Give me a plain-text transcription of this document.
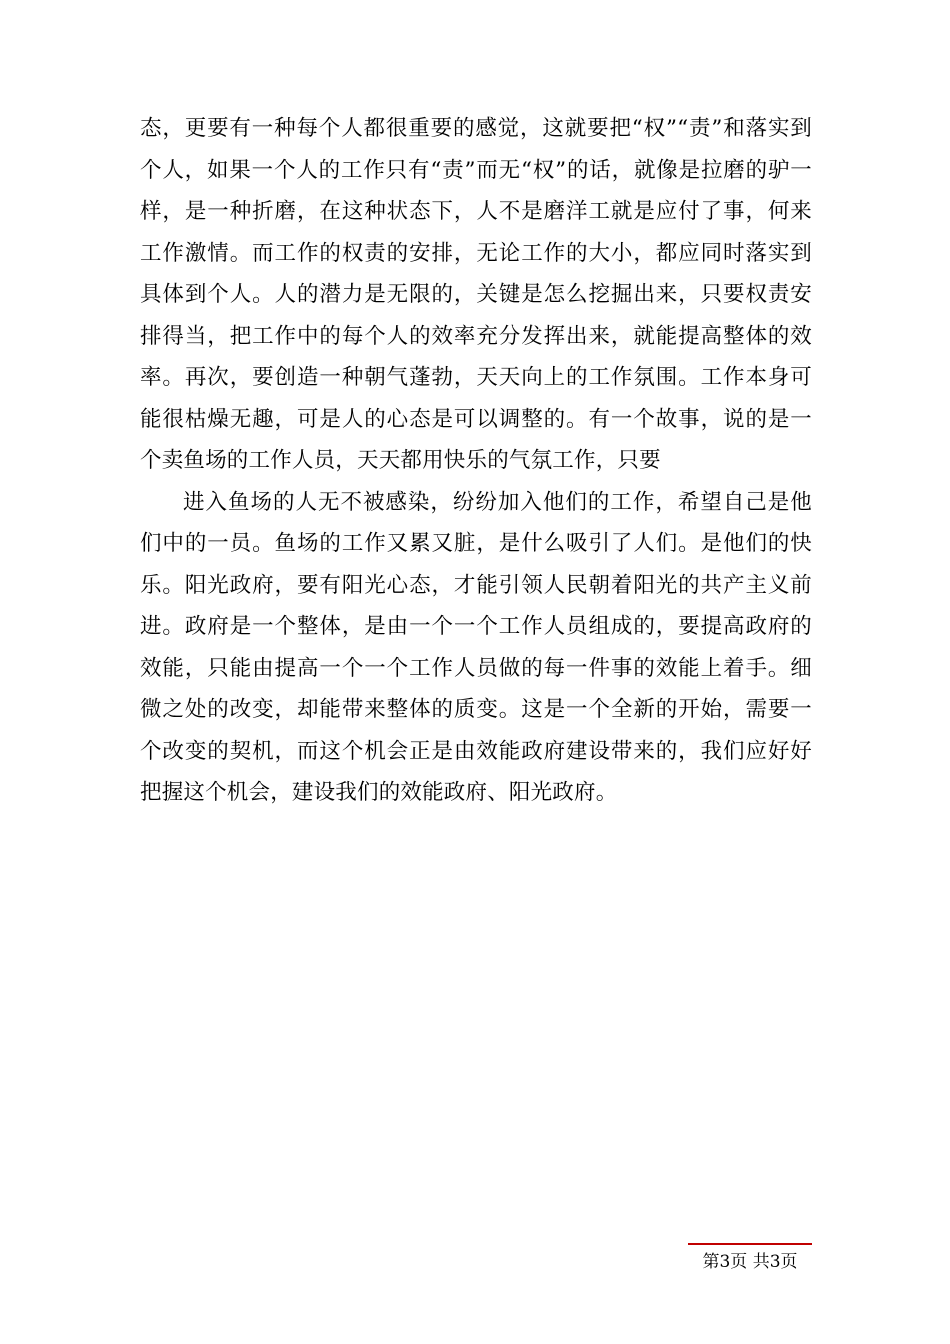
态，更要有一种每个人都很重要的感觉，这就要把“权”“责”和落实到个人，如果一个人的工作只有“责”而无“权”的话，就像是拉磨的驴一样，是一种折磨，在这种状态下，人不是磨洋工就是应付了事，何来工作激情。而工作的权责的安排，无论工作的大小，都应同时落实到具体到个人。人的潜力是无限的，关键是怎么挖掘出来，只要权责安排得当，把工作中的每个人的效率充分发挥出来，就能提高整体的效率。再次，要创造一种朝气蓬勃，天天向上的工作氛围。工作本身可能很枯燥无趣，可是人的心态是可以调整的。有一个故事，说的是一个卖鱼场的工作人员，天天都用快乐的气氛工作，只要

进入鱼场的人无不被感染，纷纷加入他们的工作，希望自己是他们中的一员。鱼场的工作又累又脏，是什么吸引了人们。是他们的快乐。阳光政府，要有阳光心态，才能引领人民朝着阳光的共产主义前进。政府是一个整体，是由一个一个工作人员组成的，要提高政府的效能，只能由提高一个一个工作人员做的每一件事的效能上着手。细微之处的改变，却能带来整体的质变。这是一个全新的开始，需要一个改变的契机，而这个机会正是由效能政府建设带来的，我们应好好把握这个机会，建设我们的效能政府、阳光政府。

第3页 共3页
